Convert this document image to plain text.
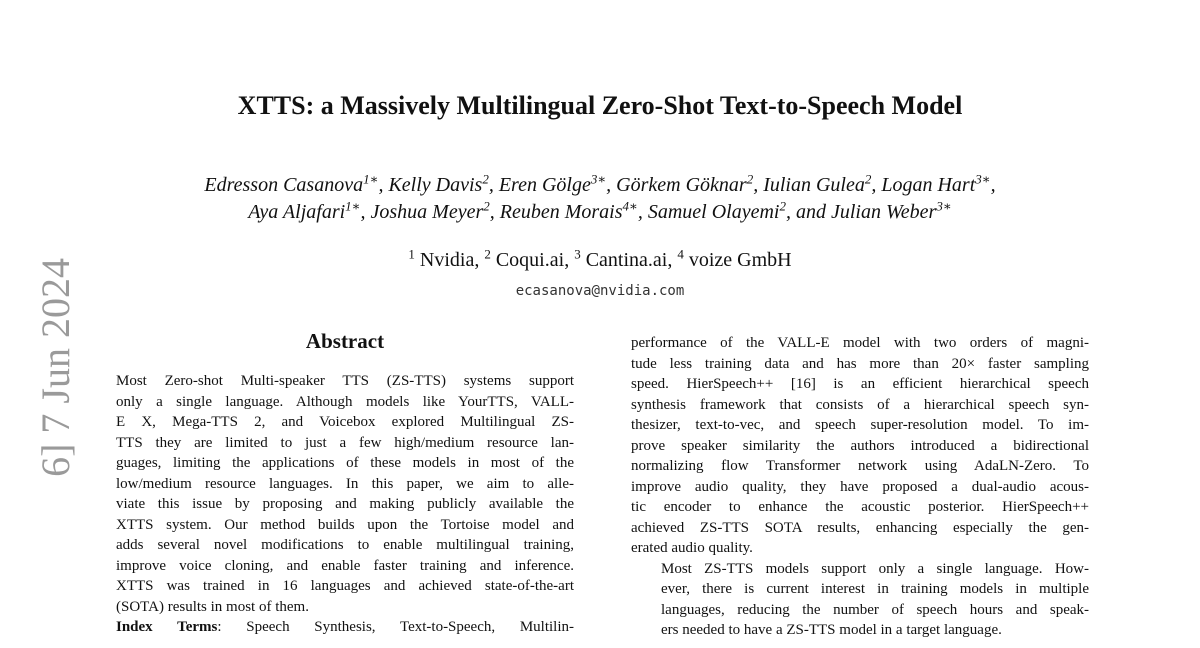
XTTS: a Massively Multilingual Zero-Shot Text-to-Speech Model
Edresson Casanova$^{1∗}$, Kelly Davis$^2$, Eren Gölge$^{3∗}$, Görkem Göknar$^2$, Iulian Gulea$^2$, Logan Hart$^{3∗}$,
Aya Aljafari$^{1∗}$, Joshua Meyer$^2$, Reuben Morais$^{4∗}$, Samuel Olayemi$^2$, and Julian Weber$^{3∗}$
$^1$ Nvidia, $^2$ Coqui.ai, $^3$ Cantina.ai, $^4$ voize GmbH
ecasanova@nvidia.com
Abstract

Most Zero-shot Multi-speaker TTS (ZS-TTS) systems support
only a single language. Although models like YourTTS, VALL-
E X, Mega-TTS 2, and Voicebox explored Multilingual ZS-
TTS they are limited to just a few high/medium resource lan-
guages, limiting the applications of these models in most of the
low/medium resource languages. In this paper, we aim to alle-
viate this issue by proposing and making publicly available the
XTTS system. Our method builds upon the Tortoise model and
adds several novel modifications to enable multilingual training,
improve voice cloning, and enable faster training and inference.
XTTS was trained in 16 languages and achieved state-of-the-art
(SOTA) results in most of them.

Index Terms: Speech Synthesis, Text-to-Speech, Multilin-

performance of the VALL-E model with two orders of magni-
tude less training data and has more than 20× faster sampling
speed. HierSpeech++ [16] is an efficient hierarchical speech
synthesis framework that consists of a hierarchical speech syn-
thesizer, text-to-vec, and speech super-resolution model. To im-
prove speaker similarity the authors introduced a bidirectional
normalizing flow Transformer network using AdaLN-Zero. To
improve audio quality, they have proposed a dual-audio acous-
tic encoder to enhance the acoustic posterior. HierSpeech++
achieved ZS-TTS SOTA results, enhancing especially the gen-
erated audio quality.

Most ZS-TTS models support only a single language. How-
ever, there is current interest in training models in multiple
languages, reducing the number of speech hours and speak-
ers needed to have a ZS-TTS model in a target language.

6] 7 Jun 2024
